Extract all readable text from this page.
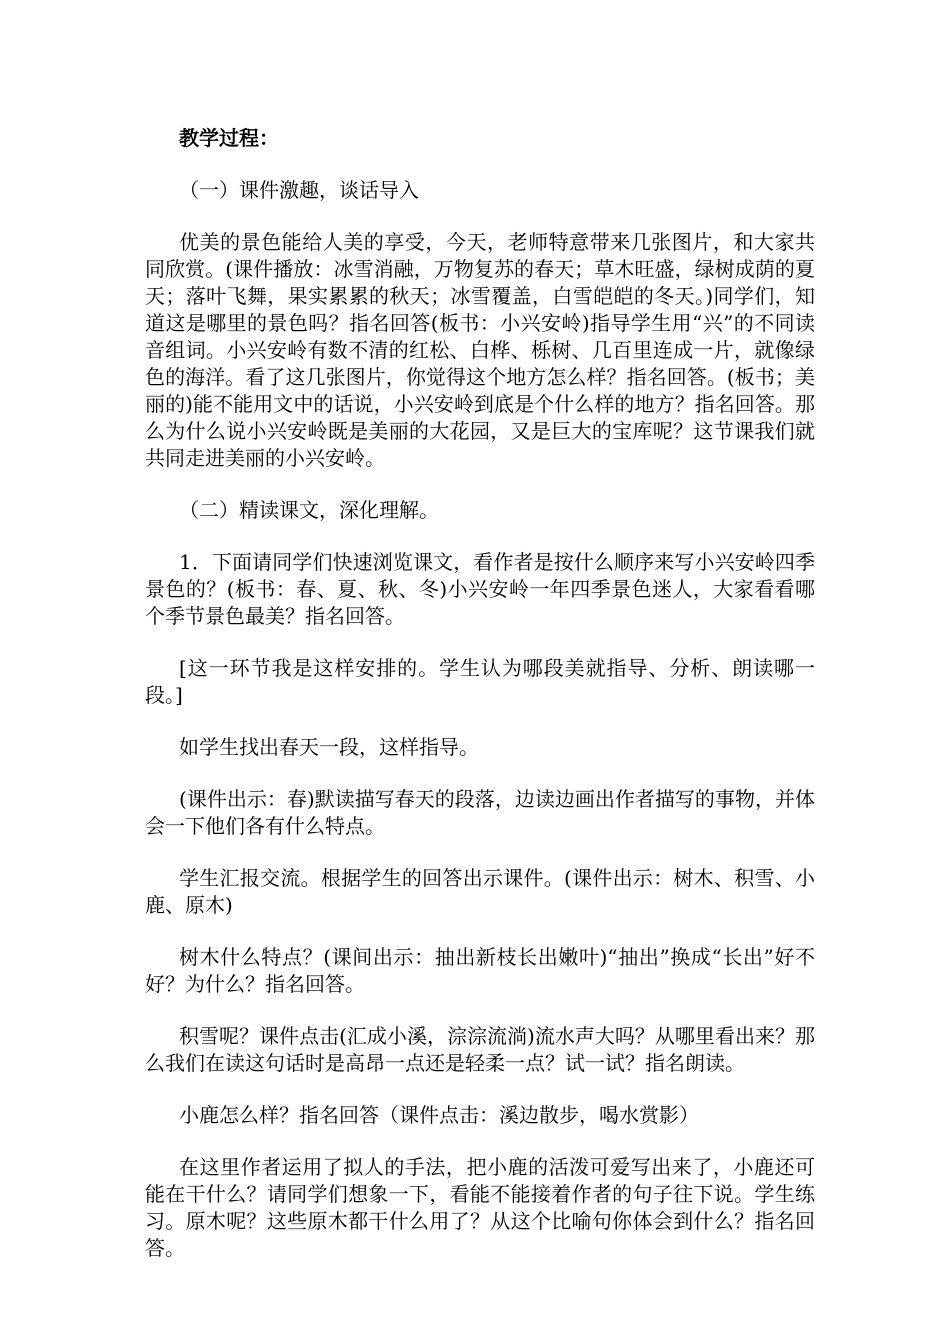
教学过程：

（一）课件激趣，谈话导入

优美的景色能给人美的享受，今天，老师特意带来几张图片，和大家共同欣赏。(课件播放：冰雪消融，万物复苏的春天；草木旺盛，绿树成荫的夏天；落叶飞舞，果实累累的秋天；冰雪覆盖，白雪皑皑的冬天。)同学们，知道这是哪里的景色吗？指名回答(板书：小兴安岭)指导学生用“兴”的不同读音组词。小兴安岭有数不清的红松、白桦、栎树、几百里连成一片，就像绿色的海洋。看了这几张图片，你觉得这个地方怎么样？指名回答。(板书；美丽的)能不能用文中的话说，小兴安岭到底是个什么样的地方？指名回答。那么为什么说小兴安岭既是美丽的大花园，又是巨大的宝库呢？这节课我们就共同走进美丽的小兴安岭。

（二）精读课文，深化理解。

1．下面请同学们快速浏览课文，看作者是按什么顺序来写小兴安岭四季景色的？(板书：春、夏、秋、冬)小兴安岭一年四季景色迷人，大家看看哪个季节景色最美？指名回答。

[这一环节我是这样安排的。学生认为哪段美就指导、分析、朗读哪一段。]

如学生找出春天一段，这样指导。

(课件出示：春)默读描写春天的段落，边读边画出作者描写的事物，并体会一下他们各有什么特点。

学生汇报交流。根据学生的回答出示课件。(课件出示：树木、积雪、小鹿、原木)

树木什么特点？(课间出示：抽出新枝长出嫩叶)“抽出”换成“长出”好不好？为什么？指名回答。

积雪呢？课件点击(汇成小溪，淙淙流淌)流水声大吗？从哪里看出来？那么我们在读这句话时是高昂一点还是轻柔一点？试一试？指名朗读。

小鹿怎么样？指名回答（课件点击：溪边散步，喝水赏影）

在这里作者运用了拟人的手法，把小鹿的活泼可爱写出来了，小鹿还可能在干什么？请同学们想象一下，看能不能接着作者的句子往下说。学生练习。原木呢？这些原木都干什么用了？从这个比喻句你体会到什么？指名回答。
